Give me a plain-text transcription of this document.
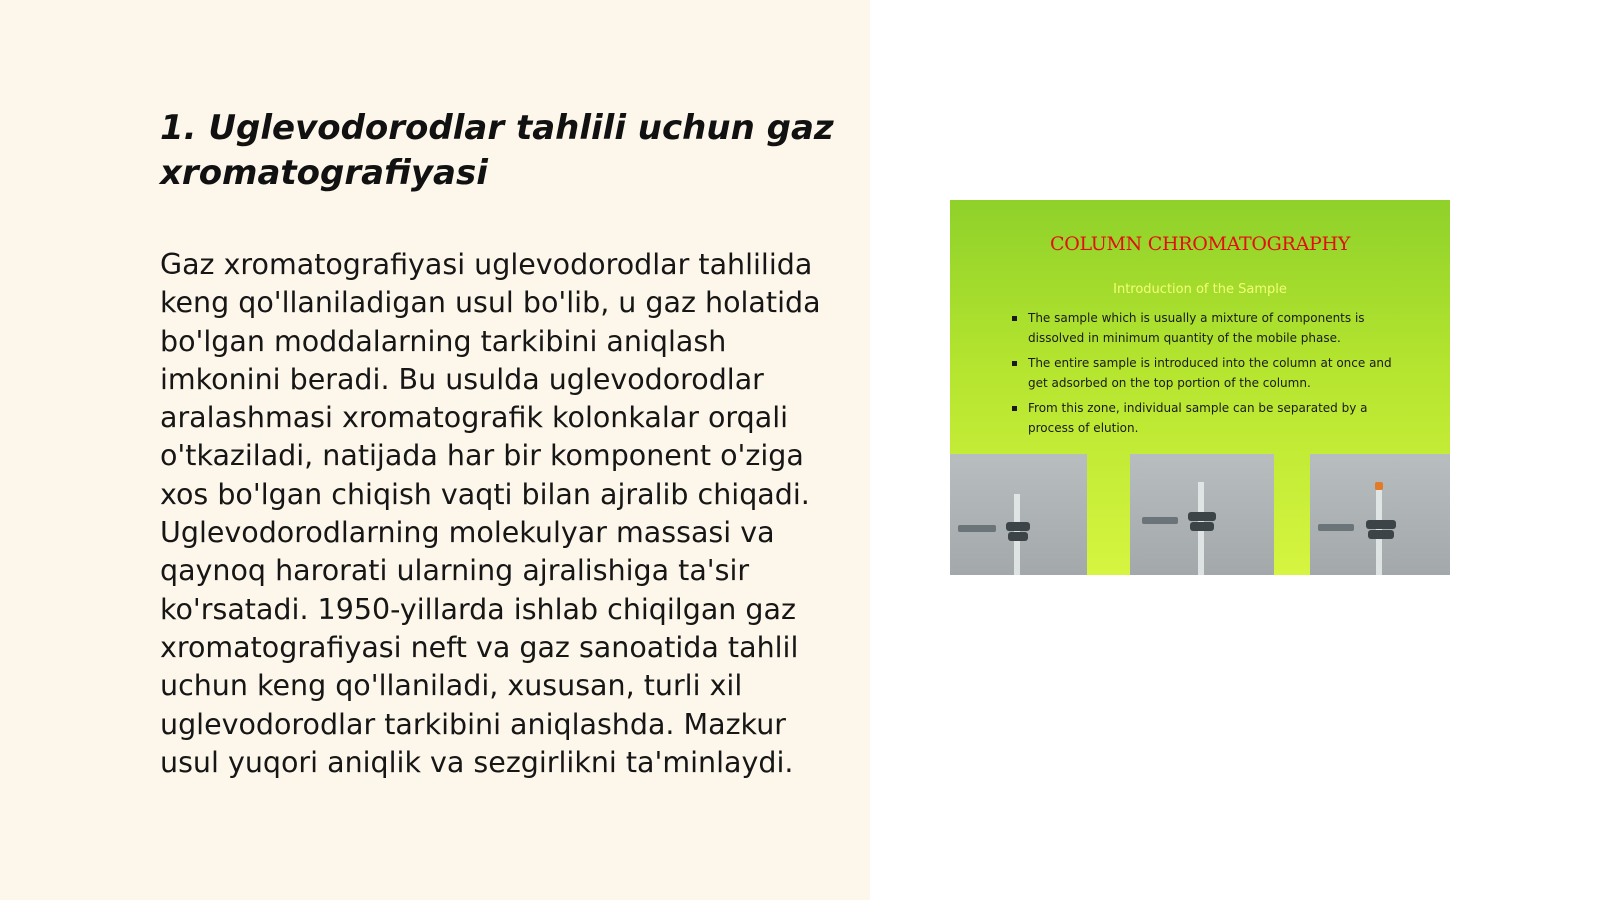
1. Uglevodorodlar tahlili uchun gaz xromatografiyasi

Gaz xromatografiyasi uglevodorodlar tahlilida keng qo'llaniladigan usul bo'lib, u gaz holatida bo'lgan moddalarning tarkibini aniqlash imkonini beradi. Bu usulda uglevodorodlar aralashmasi xromatografik kolonkalar orqali o'tkaziladi, natijada har bir komponent o'ziga xos bo'lgan chiqish vaqti bilan ajralib chiqadi. Uglevodorodlarning molekulyar massasi va qaynoq harorati ularning ajralishiga ta'sir ko'rsatadi. 1950-yillarda ishlab chiqilgan gaz xromatografiyasi neft va gaz sanoatida tahlil uchun keng qo'llaniladi, xususan, turli xil uglevodorodlar tarkibini aniqlashda. Mazkur usul yuqori aniqlik va sezgirlikni ta'minlaydi.

COLUMN CHROMATOGRAPHY
Introduction of the Sample
The sample which is usually a mixture of components is dissolved in minimum quantity of the mobile phase.
The entire sample is introduced into the column at once and get adsorbed on the top portion of the column.
From this zone, individual sample can be separated by a process of elution.
